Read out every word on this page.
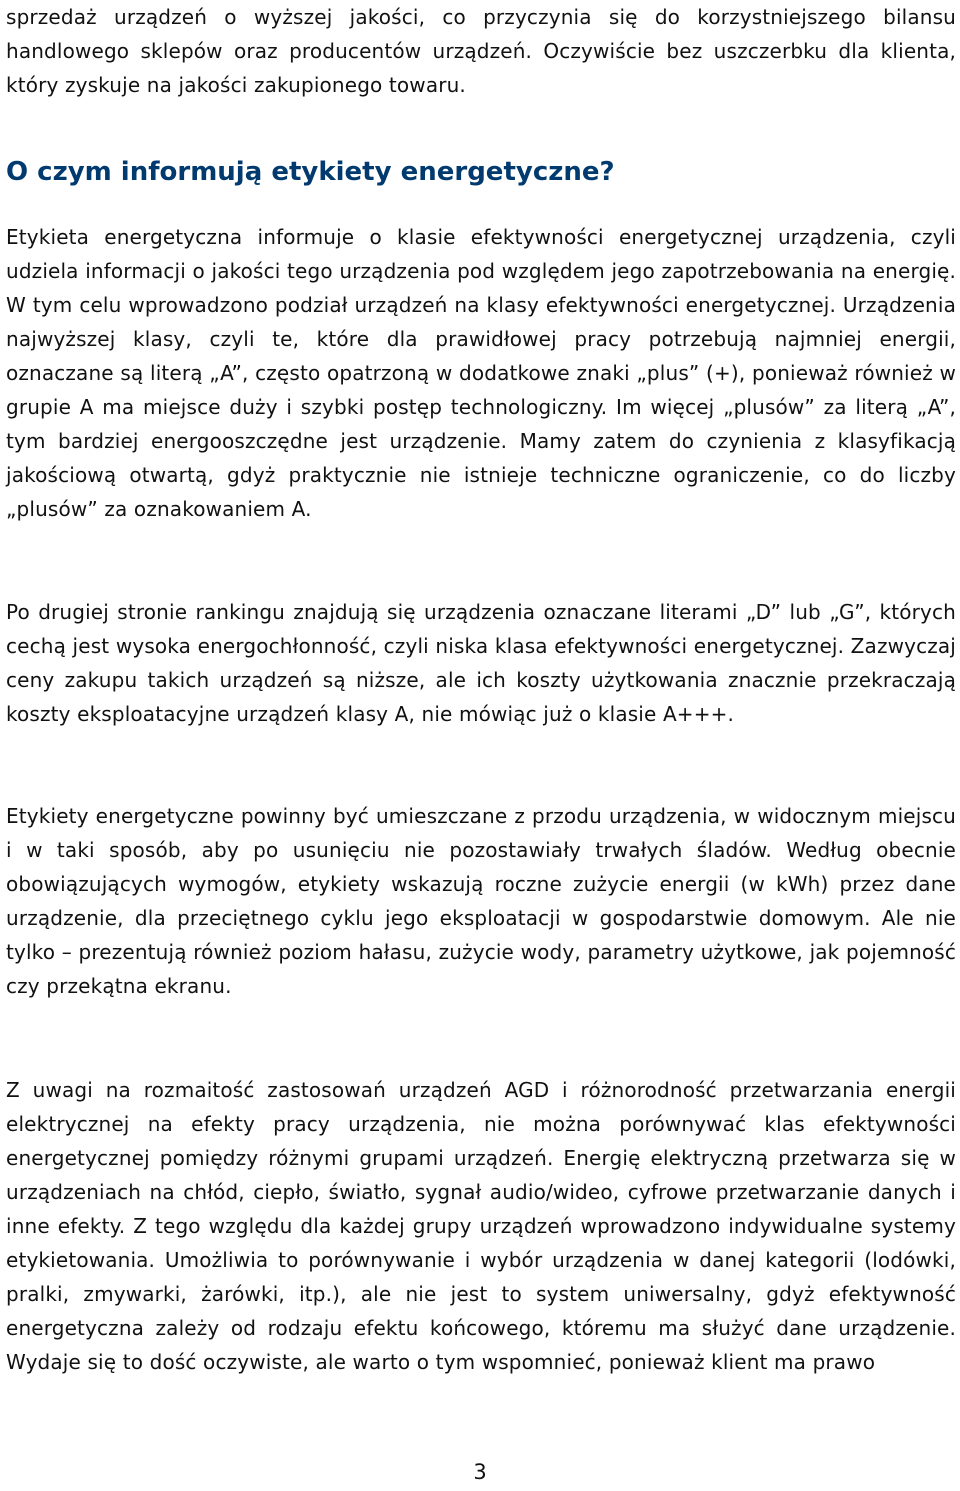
sprzedaż urządzeń o wyższej jakości, co przyczynia się do korzystniejszego bilansu handlowego sklepów oraz producentów urządzeń. Oczywiście bez uszczerbku dla klienta, który zyskuje na jakości zakupionego towaru.

O czym informują etykiety energetyczne?

Etykieta energetyczna informuje o klasie efektywności energetycznej urządzenia, czyli udziela informacji o jakości tego urządzenia pod względem jego zapotrzebowania na energię. W tym celu wprowadzono podział urządzeń na klasy efektywności energetycznej. Urządzenia najwyższej klasy, czyli te, które dla prawidłowej pracy potrzebują najmniej energii, oznaczane są literą „A”, często opatrzoną w dodatkowe znaki „plus” (+), ponieważ również w grupie A ma miejsce duży i szybki postęp technologiczny. Im więcej „plusów” za literą „A”, tym bardziej energooszczędne jest urządzenie. Mamy zatem do czynienia z klasyfikacją jakościową otwartą, gdyż praktycznie nie istnieje techniczne ograniczenie, co do liczby „plusów” za oznakowaniem A.

Po drugiej stronie rankingu znajdują się urządzenia oznaczane literami „D” lub „G”, których cechą jest wysoka energochłonność, czyli niska klasa efektywności energetycznej. Zazwyczaj ceny zakupu takich urządzeń są niższe, ale ich koszty użytkowania znacznie przekraczają koszty eksploatacyjne urządzeń klasy A, nie mówiąc już o klasie A+++.

Etykiety energetyczne powinny być umieszczane z przodu urządzenia, w widocznym miejscu i w taki sposób, aby po usunięciu nie pozostawiały trwałych śladów. Według obecnie obowiązujących wymogów, etykiety wskazują roczne zużycie energii (w kWh) przez dane urządzenie, dla przeciętnego cyklu jego eksploatacji w gospodarstwie domowym. Ale nie tylko – prezentują również poziom hałasu, zużycie wody, parametry użytkowe, jak pojemność czy przekątna ekranu.

Z uwagi na rozmaitość zastosowań urządzeń AGD i różnorodność przetwarzania energii elektrycznej na efekty pracy urządzenia, nie można porównywać klas efektywności energetycznej pomiędzy różnymi grupami urządzeń. Energię elektryczną przetwarza się w urządzeniach na chłód, ciepło, światło, sygnał audio/wideo, cyfrowe przetwarzanie danych i inne efekty. Z tego względu dla każdej grupy urządzeń wprowadzono indywidualne systemy etykietowania. Umożliwia to porównywanie i wybór urządzenia w danej kategorii (lodówki, pralki, zmywarki, żarówki, itp.), ale nie jest to system uniwersalny, gdyż efektywność energetyczna zależy od rodzaju efektu końcowego, któremu ma służyć dane urządzenie. Wydaje się to dość oczywiste, ale warto o tym wspomnieć, ponieważ klient ma prawo

3
